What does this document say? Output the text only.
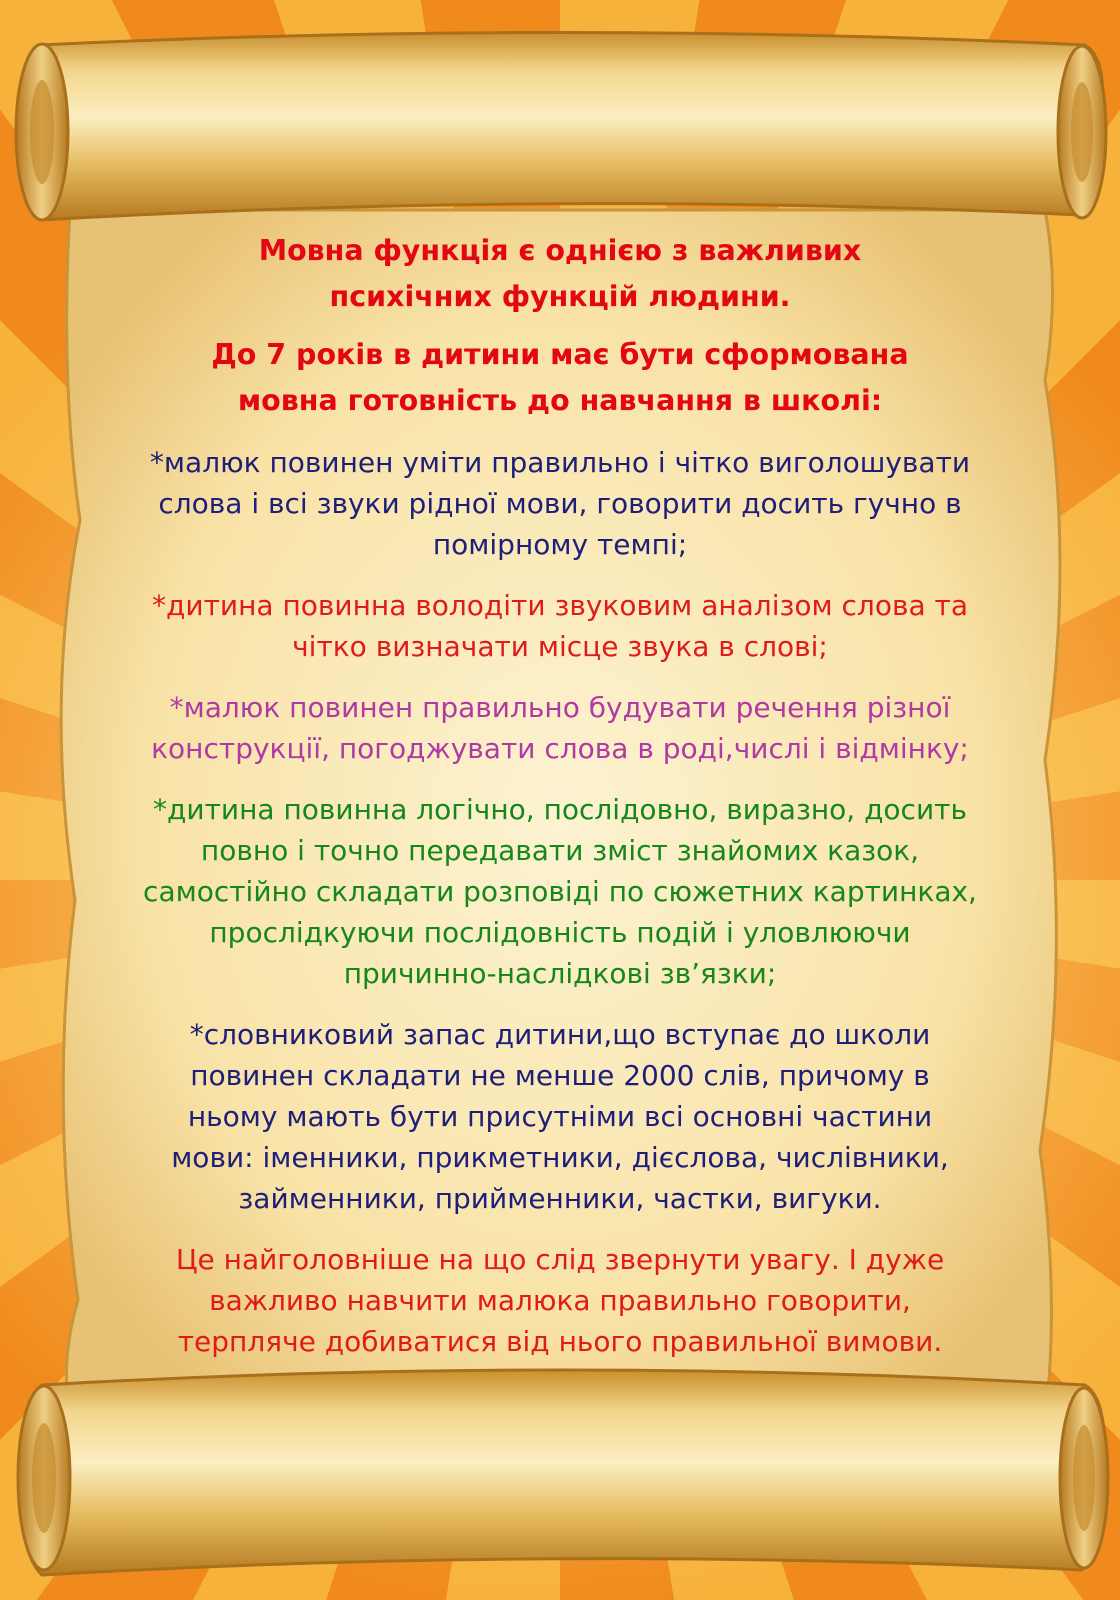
Мовна функція є однією з важливих
психічних функцій людини.

До 7 років в дитини має бути сформована
мовна готовність до навчання в школі:

*малюк повинен уміти правильно і чітко виголошувати
слова і всі звуки рідної мови, говорити досить гучно в
помірному темпі;

*дитина повинна володіти звуковим аналізом слова та
чітко визначати місце звука в слові;

*малюк повинен правильно будувати речення різної
конструкції, погоджувати слова в роді,числі і відмінку;

*дитина повинна логічно, послідовно, виразно, досить
повно і точно передавати зміст знайомих казок,
самостійно складати розповіді по сюжетних картинках,
прослідкуючи послідовність подій і уловлюючи
причинно-наслідкові зв’язки;

*словниковий запас дитини,що вступає до школи
повинен складати не менше 2000 слів, причому в
ньому мають бути присутніми всі основні частини
мови: іменники, прикметники, дієслова, числівники,
займенники, прийменники, частки, вигуки.

Це найголовніше на що слід звернути увагу. І дуже
важливо навчити малюка правильно говорити,
терпляче добиватися від нього правильної вимови.
